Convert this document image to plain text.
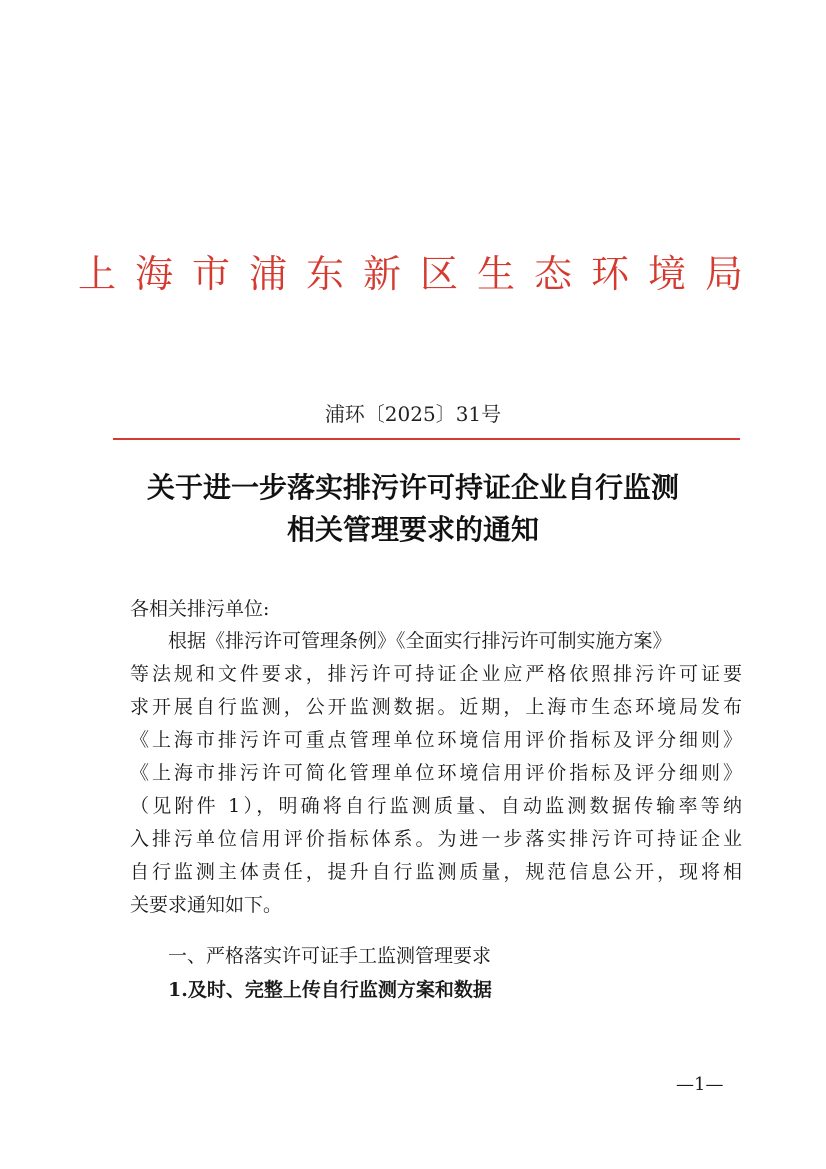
上海市浦东新区生态环境局
浦环〔2025〕31号
关于进一步落实排污许可持证企业自行监测
相关管理要求的通知
各相关排污单位:
根据《排污许可管理条例》《全面实行排污许可制实施方案》
等法规和文件要求，排污许可持证企业应严格依照排污许可证要
求开展自行监测，公开监测数据。近期，上海市生态环境局发布
《上海市排污许可重点管理单位环境信用评价指标及评分细则》
《上海市排污许可简化管理单位环境信用评价指标及评分细则》
（见附件 1），明确将自行监测质量、自动监测数据传输率等纳
入排污单位信用评价指标体系。为进一步落实排污许可持证企业
自行监测主体责任，提升自行监测质量，规范信息公开，现将相
关要求通知如下。
一、严格落实许可证手工监测管理要求
1.及时、完整上传自行监测方案和数据
—1—
